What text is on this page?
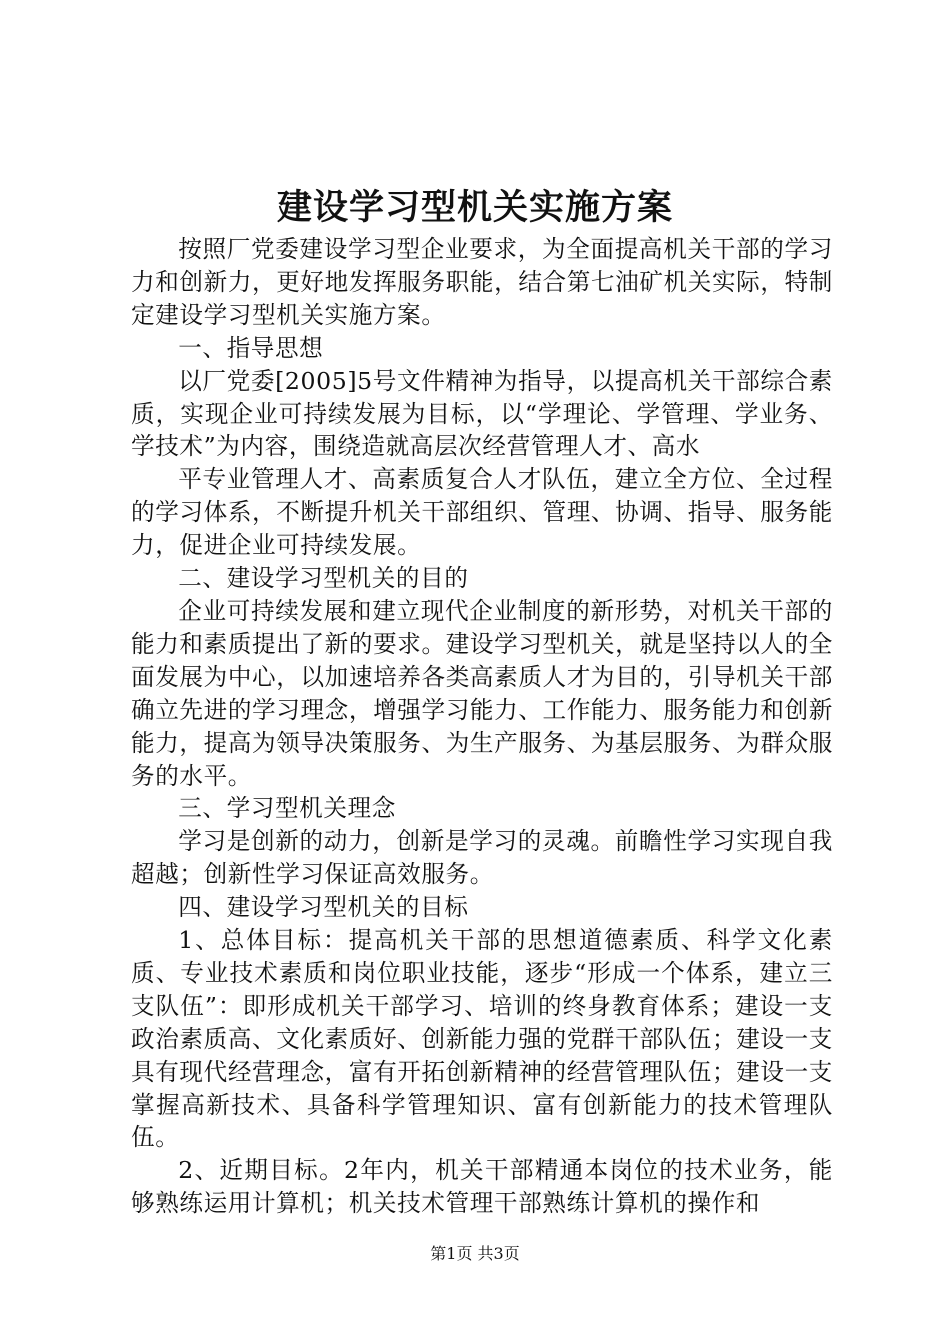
建设学习型机关实施方案

按照厂党委建设学习型企业要求，为全面提高机关干部的学习力和创新力，更好地发挥服务职能，结合第七油矿机关实际，特制定建设学习型机关实施方案。

一、指导思想

以厂党委[2005]5号文件精神为指导，以提高机关干部综合素质，实现企业可持续发展为目标，以“学理论、学管理、学业务、学技术”为内容，围绕造就高层次经营管理人才、高水

平专业管理人才、高素质复合人才队伍，建立全方位、全过程的学习体系，不断提升机关干部组织、管理、协调、指导、服务能力，促进企业可持续发展。

二、建设学习型机关的目的

企业可持续发展和建立现代企业制度的新形势，对机关干部的能力和素质提出了新的要求。建设学习型机关，就是坚持以人的全面发展为中心，以加速培养各类高素质人才为目的，引导机关干部确立先进的学习理念，增强学习能力、工作能力、服务能力和创新能力，提高为领导决策服务、为生产服务、为基层服务、为群众服务的水平。

三、学习型机关理念

学习是创新的动力，创新是学习的灵魂。前瞻性学习实现自我超越；创新性学习保证高效服务。

四、建设学习型机关的目标

1、总体目标：提高机关干部的思想道德素质、科学文化素质、专业技术素质和岗位职业技能，逐步“形成一个体系，建立三支队伍”：即形成机关干部学习、培训的终身教育体系；建设一支政治素质高、文化素质好、创新能力强的党群干部队伍；建设一支具有现代经营理念，富有开拓创新精神的经营管理队伍；建设一支掌握高新技术、具备科学管理知识、富有创新能力的技术管理队伍。

2、近期目标。2年内，机关干部精通本岗位的技术业务，能够熟练运用计算机；机关技术管理干部熟练计算机的操作和

第1页 共3页
